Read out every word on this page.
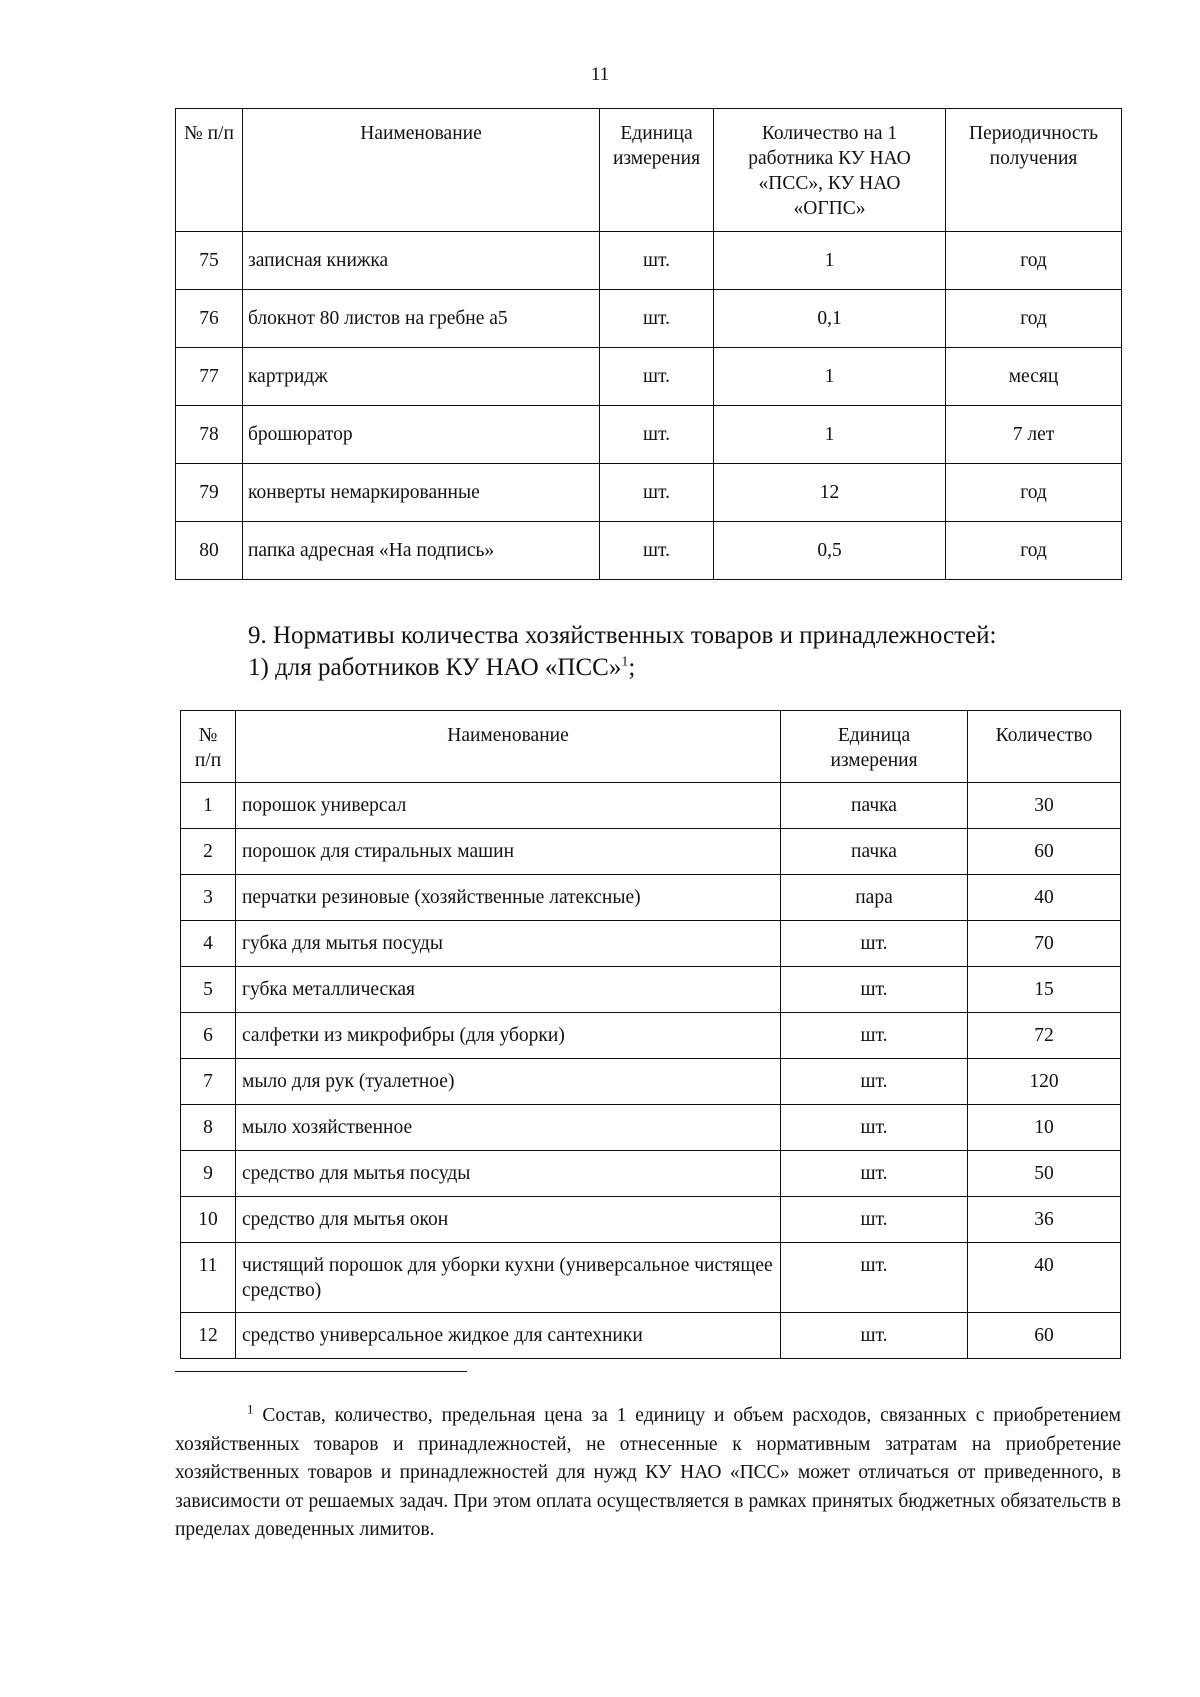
11
№ п/п	Наименование	Единица измерения	Количество на 1 работника КУ НАО «ПСС», КУ НАО «ОГПС»	Периодичность получения
75	записная книжка	шт.	1	год
76	блокнот 80 листов на гребне а5	шт.	0,1	год
77	картридж	шт.	1	месяц
78	брошюратор	шт.	1	7 лет
79	конверты немаркированные	шт.	12	год
80	папка адресная «На подпись»	шт.	0,5	год
9. Нормативы количества хозяйственных товаров и принадлежностей:
1) для работников КУ НАО «ПСС»$^1$;
№ п/п	Наименование	Единица измерения	Количество
1	порошок универсал	пачка	30
2	порошок для стиральных машин	пачка	60
3	перчатки резиновые (хозяйственные латексные)	пара	40
4	губка для мытья посуды	шт.	70
5	губка металлическая	шт.	15
6	салфетки из микрофибры (для уборки)	шт.	72
7	мыло для рук (туалетное)	шт.	120
8	мыло хозяйственное	шт.	10
9	средство для мытья посуды	шт.	50
10	средство для мытья окон	шт.	36
11	чистящий порошок для уборки кухни (универсальное чистящее средство)	шт.	40
12	средство универсальное жидкое для сантехники	шт.	60
$^1$ Состав, количество, предельная цена за 1 единицу и объем расходов, связанных с приобретением хозяйственных товаров и принадлежностей, не отнесенные к нормативным затратам на приобретение хозяйственных товаров и принадлежностей для нужд КУ НАО «ПСС» может отличаться от приведенного, в зависимости от решаемых задач. При этом оплата осуществляется в рамках принятых бюджетных обязательств в пределах доведенных лимитов.
